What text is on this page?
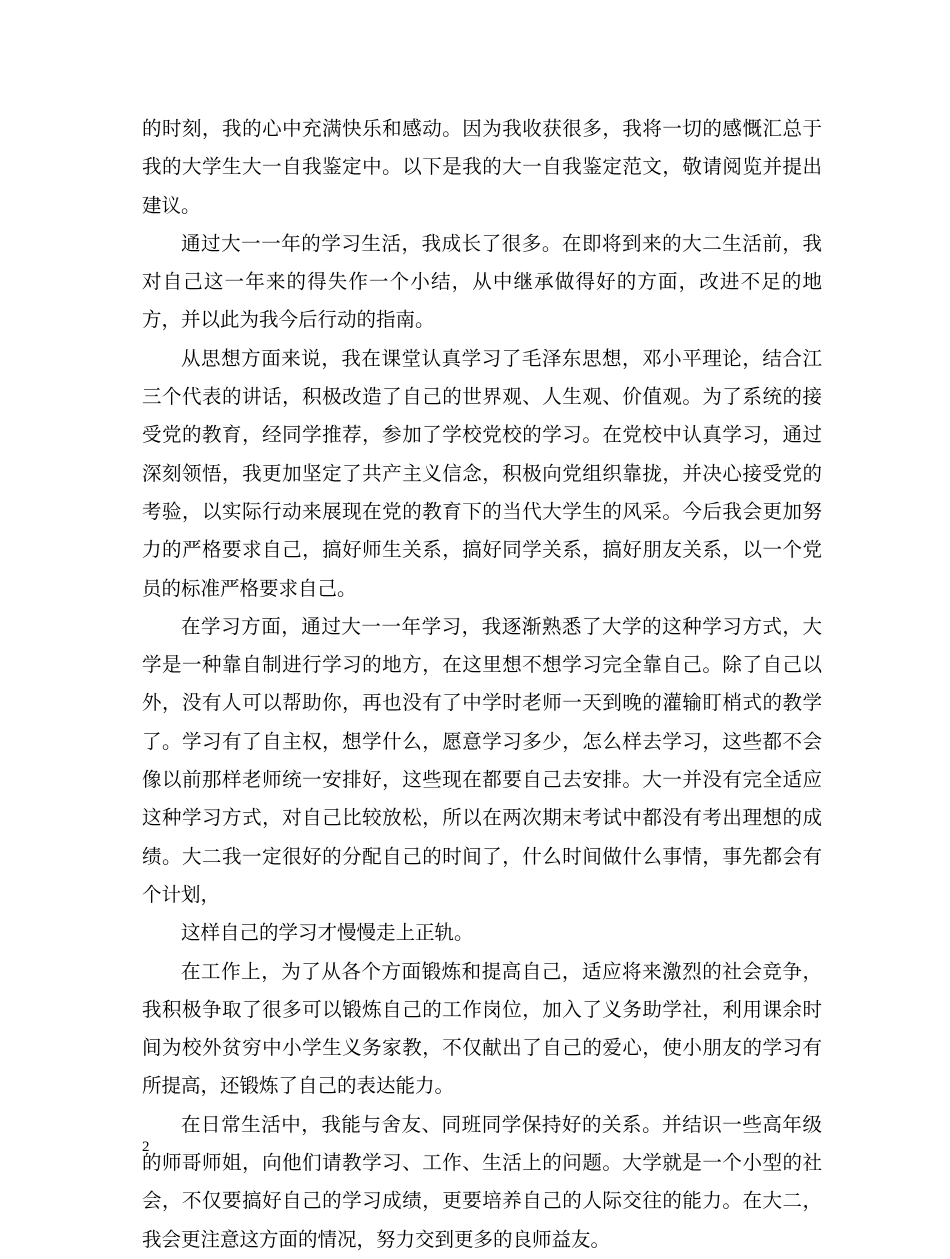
的时刻，我的心中充满快乐和感动。因为我收获很多，我将一切的感慨汇总于我的大学生大一自我鉴定中。以下是我的大一自我鉴定范文，敬请阅览并提出建议。

通过大一一年的学习生活，我成长了很多。在即将到来的大二生活前，我对自己这一年来的得失作一个小结，从中继承做得好的方面，改进不足的地方，并以此为我今后行动的指南。

从思想方面来说，我在课堂认真学习了毛泽东思想，邓小平理论，结合江三个代表的讲话，积极改造了自己的世界观、人生观、价值观。为了系统的接受党的教育，经同学推荐，参加了学校党校的学习。在党校中认真学习，通过深刻领悟，我更加坚定了共产主义信念，积极向党组织靠拢，并决心接受党的考验，以实际行动来展现在党的教育下的当代大学生的风采。今后我会更加努力的严格要求自己，搞好师生关系，搞好同学关系，搞好朋友关系，以一个党员的标准严格要求自己。

在学习方面，通过大一一年学习，我逐渐熟悉了大学的这种学习方式，大学是一种靠自制进行学习的地方，在这里想不想学习完全靠自己。除了自己以外，没有人可以帮助你，再也没有了中学时老师一天到晚的灌输盯梢式的教学了。学习有了自主权，想学什么，愿意学习多少，怎么样去学习，这些都不会像以前那样老师统一安排好，这些现在都要自己去安排。大一并没有完全适应这种学习方式，对自己比较放松，所以在两次期末考试中都没有考出理想的成绩。大二我一定很好的分配自己的时间了，什么时间做什么事情，事先都会有个计划，

这样自己的学习才慢慢走上正轨。

在工作上，为了从各个方面锻炼和提高自己，适应将来激烈的社会竞争，我积极争取了很多可以锻炼自己的工作岗位，加入了义务助学社，利用课余时间为校外贫穷中小学生义务家教，不仅献出了自己的爱心，使小朋友的学习有所提高，还锻炼了自己的表达能力。

在日常生活中，我能与舍友、同班同学保持好的关系。并结识一些高年级的师哥师姐，向他们请教学习、工作、生活上的问题。大学就是一个小型的社会，不仅要搞好自己的学习成绩，更要培养自己的人际交往的能力。在大二，我会更注意这方面的情况，努力交到更多的良师益友。

2
